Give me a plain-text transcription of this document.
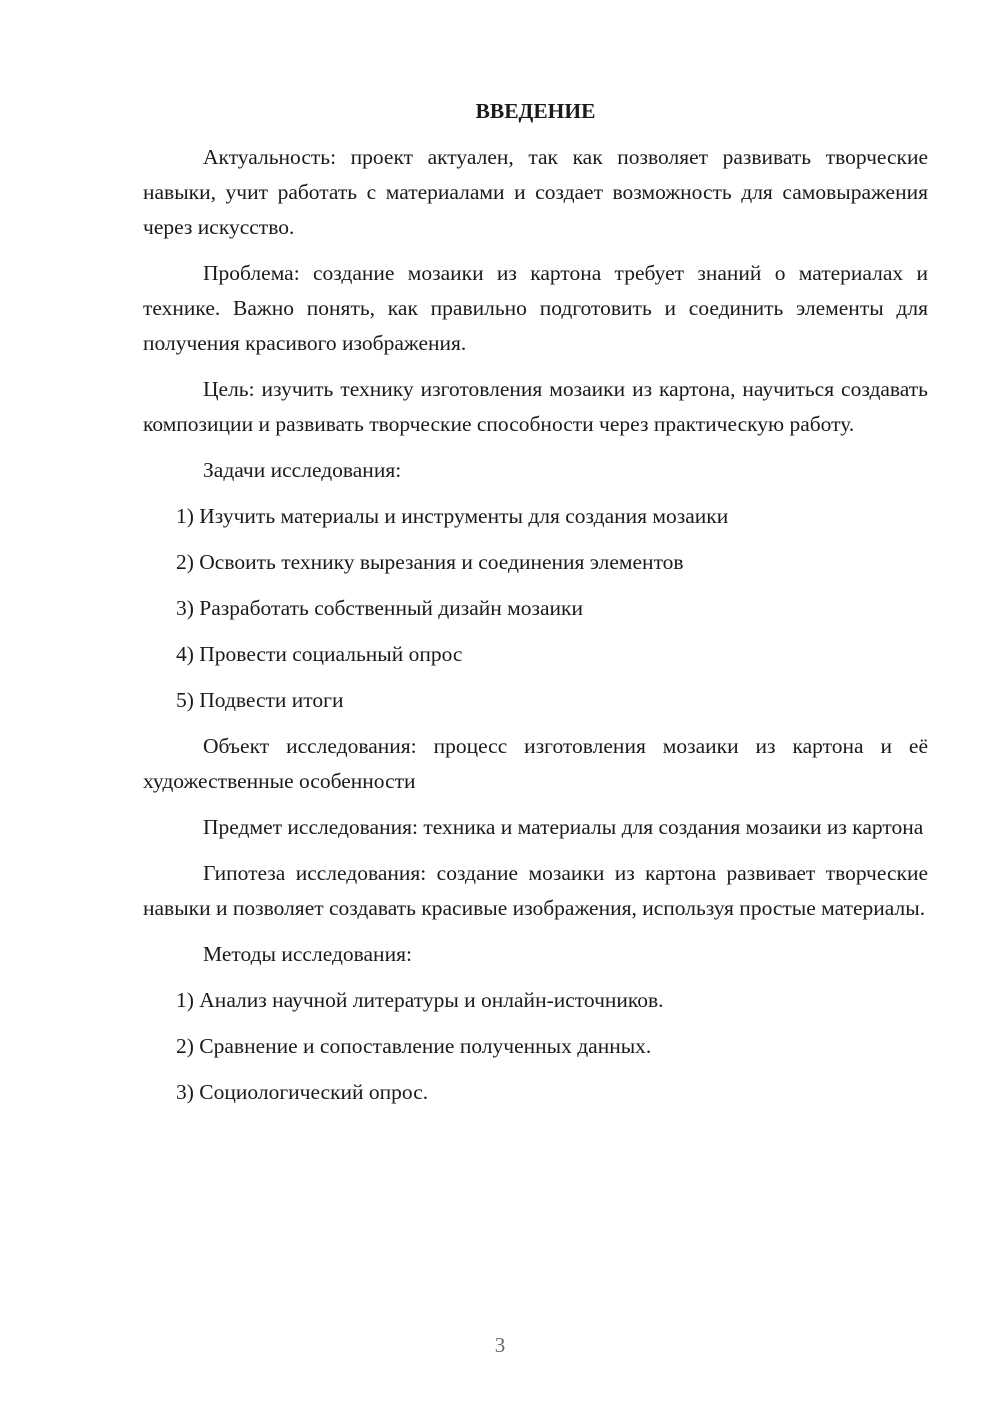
ВВЕДЕНИЕ

Актуальность: проект актуален, так как позволяет развивать творческие навыки, учит работать с материалами и создает возможность для самовыражения через искусство.

Проблема: создание мозаики из картона требует знаний о материалах и технике. Важно понять, как правильно подготовить и соединить элементы для получения красивого изображения.

Цель: изучить технику изготовления мозаики из картона, научиться создавать композиции и развивать творческие способности через практическую работу.

Задачи исследования:

1) Изучить материалы и инструменты для создания мозаики
2) Освоить технику вырезания и соединения элементов
3) Разработать собственный дизайн мозаики
4) Провести социальный опрос
5) Подвести итоги

Объект исследования: процесс изготовления мозаики из картона и её художественные особенности

Предмет исследования: техника и материалы для создания мозаики из картона

Гипотеза исследования: создание мозаики из картона развивает творческие навыки и позволяет создавать красивые изображения, используя простые материалы.

Методы исследования:

1) Анализ научной литературы и онлайн-источников.
2) Сравнение и сопоставление полученных данных.
3) Социологический опрос.
3
